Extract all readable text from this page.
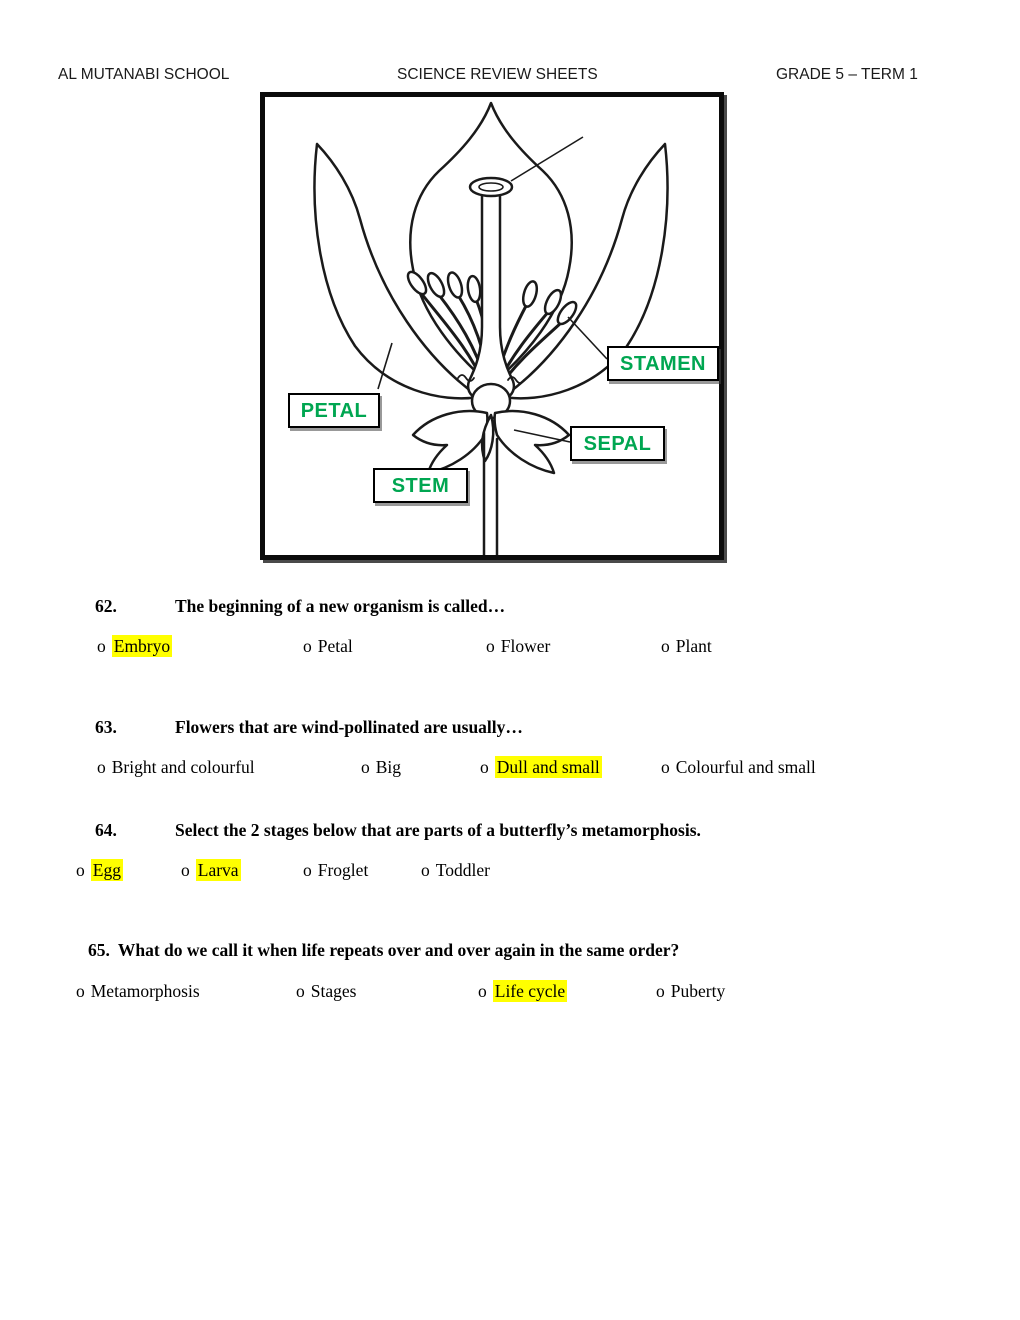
AL MUTANABI SCHOOL	SCIENCE REVIEW SHEETS	GRADE 5 – TERM 1
STAMEN
PETAL
SEPAL
STEM
62.	The beginning of a new organism is called…
o Embryo	o Petal	o Flower	o Plant
63.	Flowers that are wind-pollinated are usually…
o Bright and colourful	o Big	o Dull and small	o Colourful and small
64.	Select the 2 stages below that are parts of a butterfly’s metamorphosis.
o Egg	o Larva	o Froglet	o Toddler
65. What do we call it when life repeats over and over again in the same order?
o Metamorphosis	o Stages	o Life cycle	o Puberty
